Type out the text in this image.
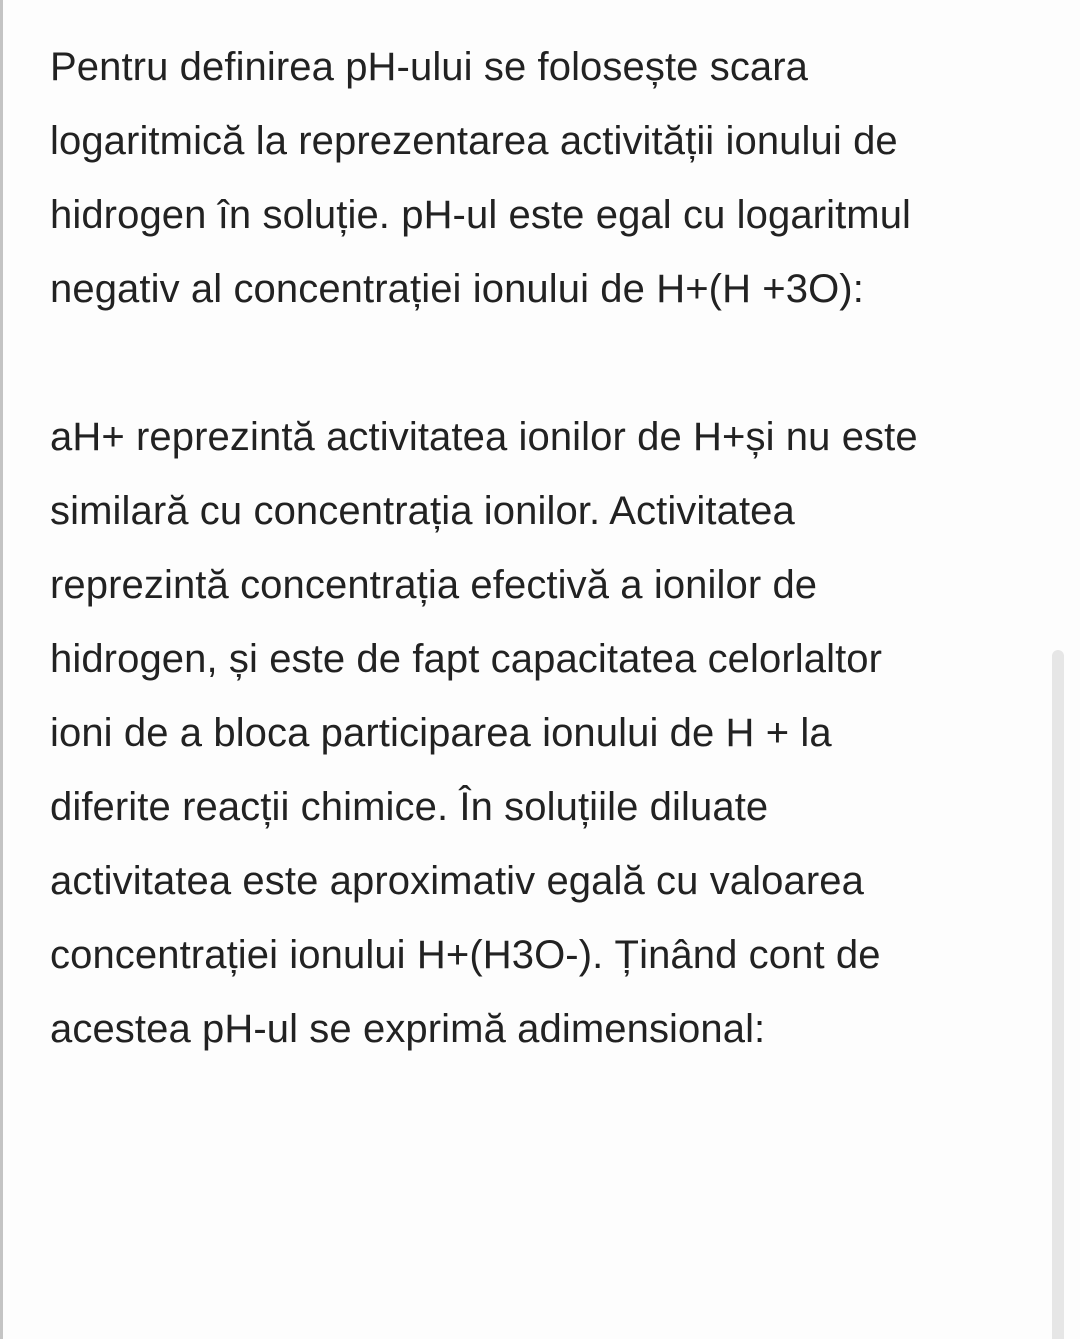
Pentru definirea pH-ului se folosește scara
logaritmică la reprezentarea activității ionului de
hidrogen în soluție. pH-ul este egal cu logaritmul
negativ al concentrației ionului de H+(H +3O):
aH+ reprezintă activitatea ionilor de H+și nu este
similară cu concentrația ionilor. Activitatea
reprezintă concentrația efectivă a ionilor de
hidrogen, și este de fapt capacitatea celorlaltor
ioni de a bloca participarea ionului de H + la
diferite reacții chimice. În soluțiile diluate
activitatea este aproximativ egală cu valoarea
concentrației ionului H+(H3O-). Ținând cont de
acestea pH-ul se exprimă adimensional:
